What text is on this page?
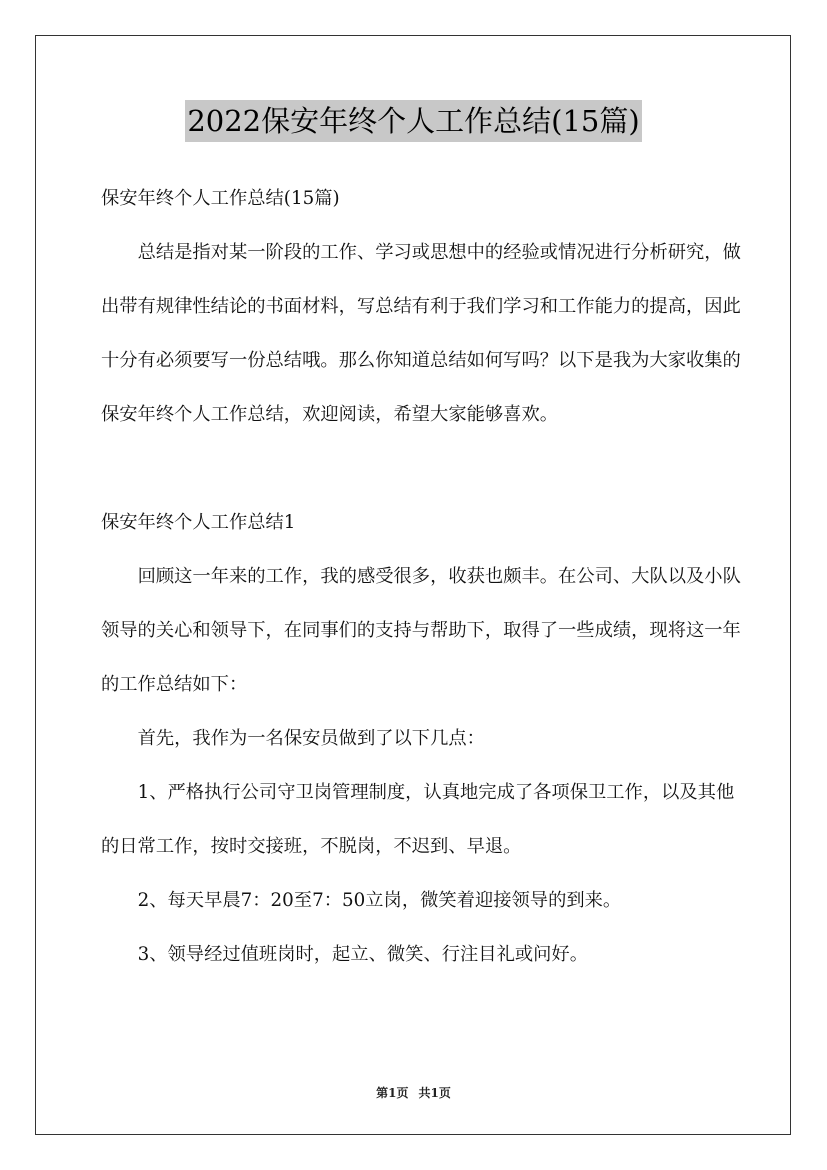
2022保安年终个人工作总结(15篇)

保安年终个人工作总结(15篇)

总结是指对某一阶段的工作、学习或思想中的经验或情况进行分析研究，做出带有规律性结论的书面材料，写总结有利于我们学习和工作能力的提高，因此十分有必须要写一份总结哦。那么你知道总结如何写吗？以下是我为大家收集的保安年终个人工作总结，欢迎阅读，希望大家能够喜欢。

保安年终个人工作总结1

回顾这一年来的工作，我的感受很多，收获也颇丰。在公司、大队以及小队领导的关心和领导下，在同事们的支持与帮助下，取得了一些成绩，现将这一年的工作总结如下：

首先，我作为一名保安员做到了以下几点：

1、严格执行公司守卫岗管理制度，认真地完成了各项保卫工作，以及其他的日常工作，按时交接班，不脱岗，不迟到、早退。

2、每天早晨7：20至7：50立岗，微笑着迎接领导的到来。

3、领导经过值班岗时，起立、微笑、行注目礼或问好。

第1页 共1页
